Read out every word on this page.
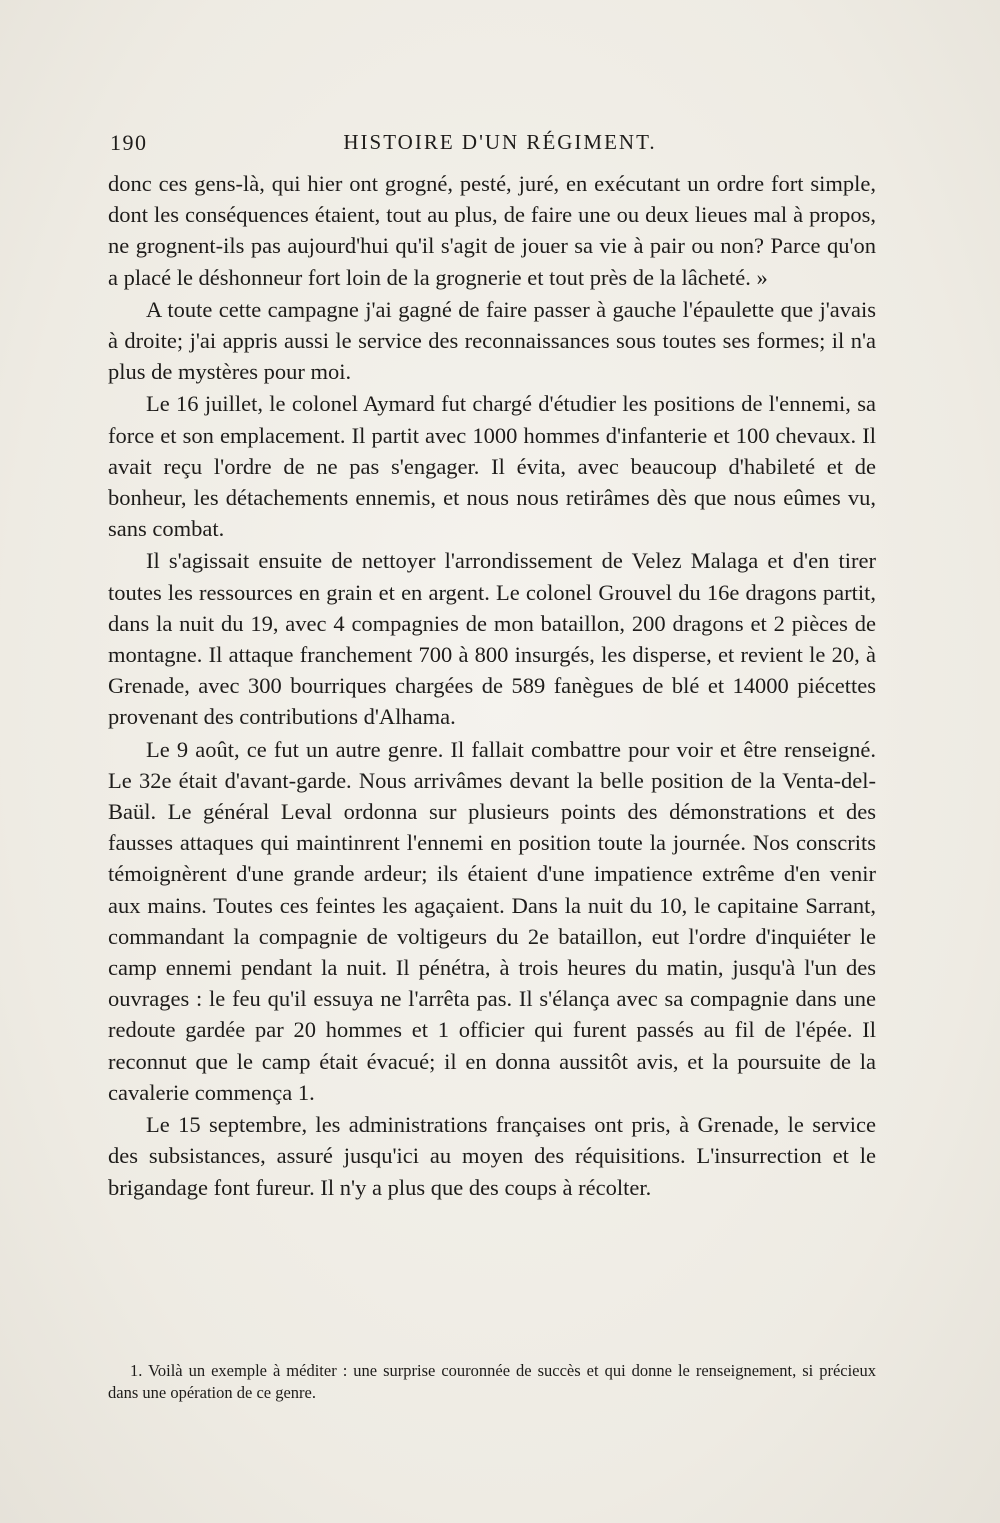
190	HISTOIRE D'UN RÉGIMENT.

donc ces gens-là, qui hier ont grogné, pesté, juré, en exécutant un ordre fort simple, dont les conséquences étaient, tout au plus, de faire une ou deux lieues mal à propos, ne grognent-ils pas aujourd'hui qu'il s'agit de jouer sa vie à pair ou non? Parce qu'on a placé le déshonneur fort loin de la grognerie et tout près de la lâcheté. »

A toute cette campagne j'ai gagné de faire passer à gauche l'épaulette que j'avais à droite; j'ai appris aussi le service des reconnaissances sous toutes ses formes; il n'a plus de mystères pour moi.

Le 16 juillet, le colonel Aymard fut chargé d'étudier les positions de l'ennemi, sa force et son emplacement. Il partit avec 1000 hommes d'infanterie et 100 chevaux. Il avait reçu l'ordre de ne pas s'engager. Il évita, avec beaucoup d'habileté et de bonheur, les détachements ennemis, et nous nous retirâmes dès que nous eûmes vu, sans combat.

Il s'agissait ensuite de nettoyer l'arrondissement de Velez Malaga et d'en tirer toutes les ressources en grain et en argent. Le colonel Grouvel du 16e dragons partit, dans la nuit du 19, avec 4 compagnies de mon bataillon, 200 dragons et 2 pièces de montagne. Il attaque franchement 700 à 800 insurgés, les disperse, et revient le 20, à Grenade, avec 300 bourriques chargées de 589 fanègues de blé et 14000 piécettes provenant des contributions d'Alhama.

Le 9 août, ce fut un autre genre. Il fallait combattre pour voir et être renseigné. Le 32e était d'avant-garde. Nous arrivâmes devant la belle position de la Venta-del-Baül. Le général Leval ordonna sur plusieurs points des démonstrations et des fausses attaques qui maintinrent l'ennemi en position toute la journée. Nos conscrits témoignèrent d'une grande ardeur; ils étaient d'une impatience extrême d'en venir aux mains. Toutes ces feintes les agaçaient. Dans la nuit du 10, le capitaine Sarrant, commandant la compagnie de voltigeurs du 2e bataillon, eut l'ordre d'inquiéter le camp ennemi pendant la nuit. Il pénétra, à trois heures du matin, jusqu'à l'un des ouvrages : le feu qu'il essuya ne l'arrêta pas. Il s'élança avec sa compagnie dans une redoute gardée par 20 hommes et 1 officier qui furent passés au fil de l'épée. Il reconnut que le camp était évacué; il en donna aussitôt avis, et la poursuite de la cavalerie commença 1.

Le 15 septembre, les administrations françaises ont pris, à Grenade, le service des subsistances, assuré jusqu'ici au moyen des réquisitions. L'insurrection et le brigandage font fureur. Il n'y a plus que des coups à récolter.

1. Voilà un exemple à méditer : une surprise couronnée de succès et qui donne le renseignement, si précieux dans une opération de ce genre.
